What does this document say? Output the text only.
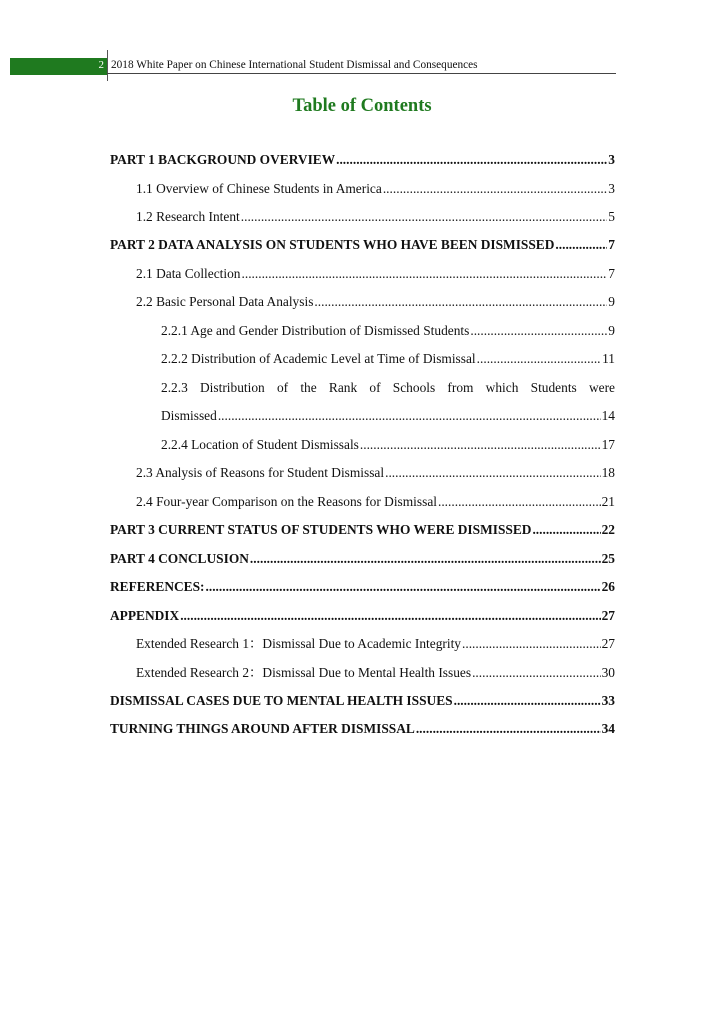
2 2018 White Paper on Chinese International Student Dismissal and Consequences
Table of Contents
PART 1 BACKGROUND OVERVIEW .....	3
1.1 Overview of Chinese Students in America .....	3
1.2 Research Intent .....	5
PART 2 DATA ANALYSIS ON STUDENTS WHO HAVE BEEN DISMISSED .....	7
2.1 Data Collection .....	7
2.2 Basic Personal Data Analysis .....	9
2.2.1 Age and Gender Distribution of Dismissed Students .....	9
2.2.2 Distribution of Academic Level at Time of Dismissal .....	11
2.2.3 Distribution of the Rank of Schools from which Students were
Dismissed .....	14
2.2.4 Location of Student Dismissals .....	17
2.3 Analysis of Reasons for Student Dismissal .....	18
2.4 Four-year Comparison on the Reasons for Dismissal .....	21
PART 3 CURRENT STATUS OF STUDENTS WHO WERE DISMISSED .....	22
PART 4 CONCLUSION .....	25
REFERENCES: .....	26
APPENDIX .....	27
Extended Research 1：Dismissal Due to Academic Integrity .....	27
Extended Research 2：Dismissal Due to Mental Health Issues .....	30
DISMISSAL CASES DUE TO MENTAL HEALTH ISSUES .....	33
TURNING THINGS AROUND AFTER DISMISSAL .....	34
